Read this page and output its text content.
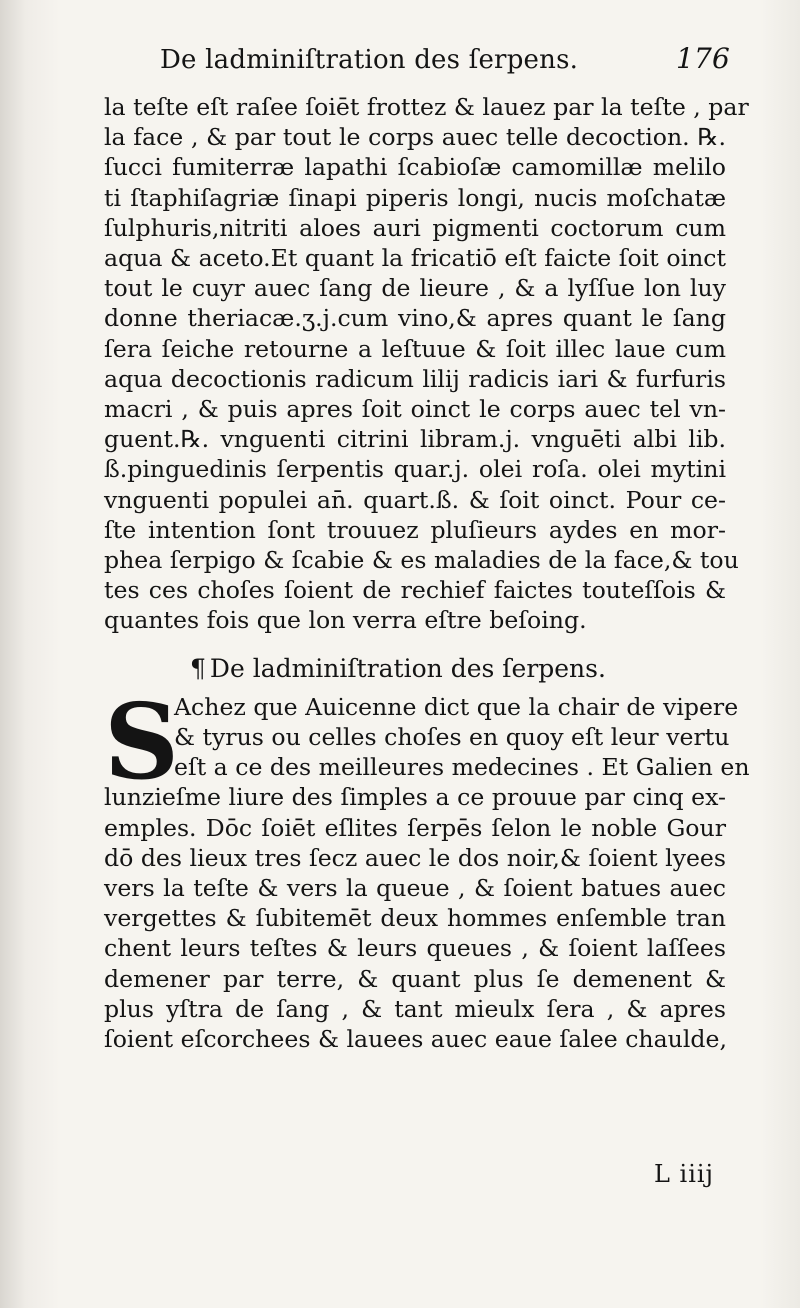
De ladminiſtration des ſerpens.	176
la teſte eſt raſee ſoiēt frottez & lauez par la teſte , par
la face , & par tout le corps auec telle decoction. ℞.
ſucci fumiterræ lapathi ſcabioſæ camomillæ melilo
ti ſtaphiſagriæ ſinapi piperis longi, nucis moſchatæ
ſulphuris,nitriti aloes auri pigmenti coctorum cum
aqua & aceto.Et quant la fricatiō eſt faicte ſoit oinct
tout le cuyr auec ſang de lieure , & a lyſſue lon luy
donne theriacæ.ʒ.j.cum vino,& apres quant le ſang
ſera ſeiche retourne a leſtuue & ſoit illec laue cum
aqua decoctionis radicum lilij radicis iari & furfuris
macri , & puis apres ſoit oinct le corps auec tel vn-
guent.℞. vnguenti citrini libram.j. vnguēti albi lib.
ß.pinguedinis ſerpentis quar.j. olei roſa. olei mytini
vnguenti populei an̄. quart.ß. & ſoit oinct. Pour ce-
ſte intention ſont trouuez pluſieurs aydes en mor-
phea ſerpigo & ſcabie & es maladies de la face,& tou
tes ces choſes ſoient de rechief faictes touteſſois &
quantes fois que lon verra eſtre beſoing.
¶ De ladminiſtration des ſerpens.
S
Achez que Auicenne dict que la chair de vipere
& tyrus ou celles choſes en quoy eſt leur vertu
eſt a ce des meilleures medecines . Et Galien en
lunzieſme liure des ſimples a ce prouue par cinq ex-
emples. Dōc ſoiēt eſlites ſerpēs ſelon le noble Gour
dō des lieux tres ſecz auec le dos noir,& ſoient lyees
vers la teſte & vers la queue , & ſoient batues auec
vergettes & ſubitemēt deux hommes enſemble tran
chent leurs teſtes & leurs queues , & ſoient laſſees
demener par terre, & quant plus ſe demenent &
plus yſtra de ſang , & tant mieulx ſera , & apres
ſoient eſcorchees & lauees auec eaue ſalee chaulde,
L iiij
